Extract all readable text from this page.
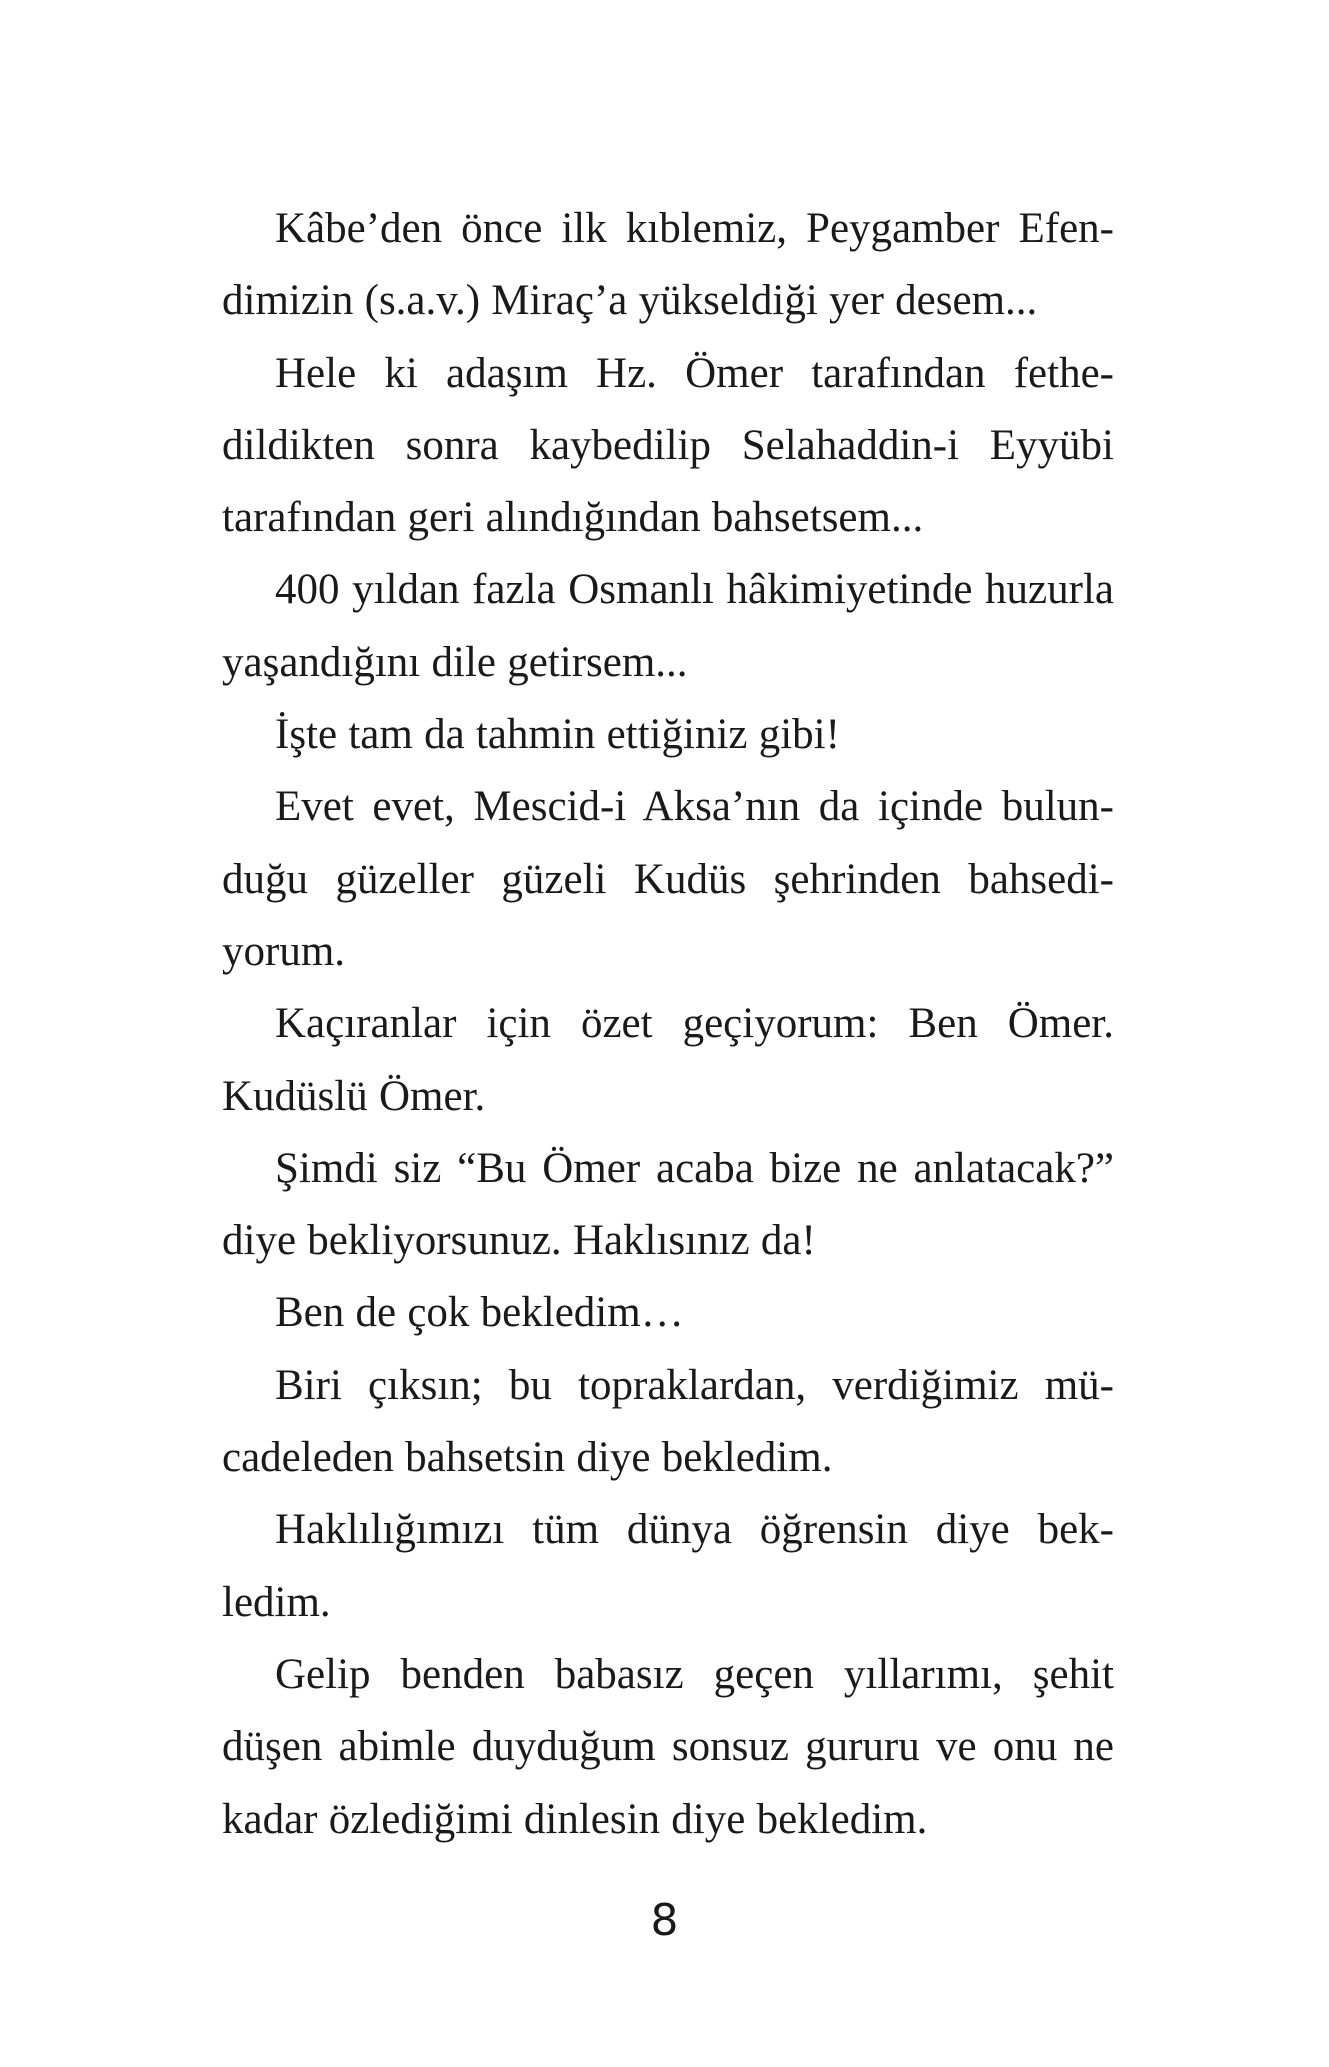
Kâbe’den önce ilk kıblemiz, Peygamber Efendimizin (s.a.v.) Miraç’a yükseldiği yer desem...

Hele ki adaşım Hz. Ömer tarafından fethedildikten sonra kaybedilip Selahaddin-i Eyyübi tarafından geri alındığından bahsetsem...

400 yıldan fazla Osmanlı hâkimiyetinde huzurla yaşandığını dile getirsem...

İşte tam da tahmin ettiğiniz gibi!

Evet evet, Mescid-i Aksa’nın da içinde bulunduğu güzeller güzeli Kudüs şehrinden bahsediyorum.

Kaçıranlar için özet geçiyorum: Ben Ömer. Kudüslü Ömer.

Şimdi siz “Bu Ömer acaba bize ne anlatacak?” diye bekliyorsunuz. Haklısınız da!

Ben de çok bekledim…

Biri çıksın; bu topraklardan, verdiğimiz mücadeleden bahsetsin diye bekledim.

Haklılığımızı tüm dünya öğrensin diye bekledim.

Gelip benden babasız geçen yıllarımı, şehit düşen abimle duyduğum sonsuz gururu ve onu ne kadar özlediğimi dinlesin diye bekledim.

8
